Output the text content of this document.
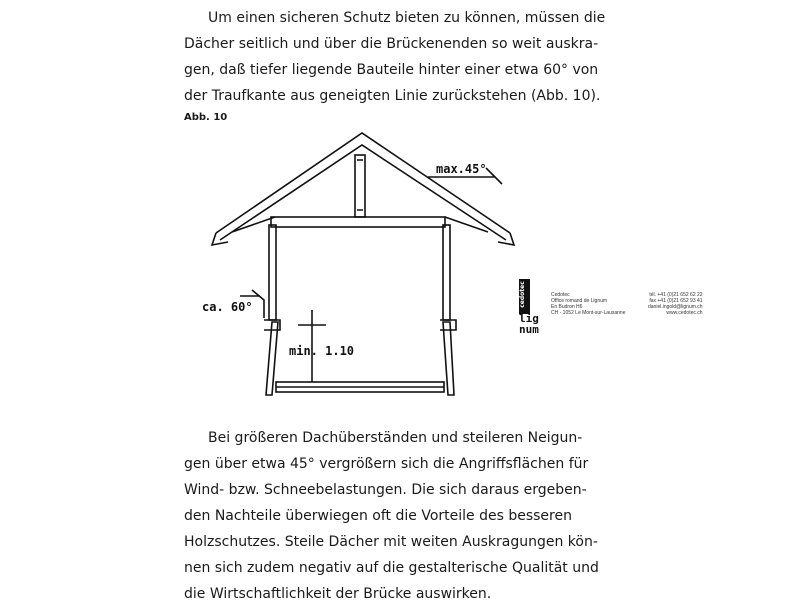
Um einen sicheren Schutz bieten zu können, müssen die
Dächer seitlich und über die Brückenenden so weit auskra-
gen, daß tiefer liegende Bauteile hinter einer etwa 60° von
der Traufkante aus geneigten Linie zurückstehen (Abb. 10).
Abb. 10
max.45°
ca. 60°
min. 1.10
cedotec
lig
num
Cedotec
Office romand de Lignum
En Budron H6
CH - 1052 Le Mont-sur-Lausanne
tél. +41 (0)21 652 62 22
fax +41 (0)21 652 93 41
daniel.ingold@lignum.ch
www.cedotec.ch
Bei größeren Dachüberständen und steileren Neigun-
gen über etwa 45° vergrößern sich die Angriffsflächen für
Wind- bzw. Schneebelastungen. Die sich daraus ergeben-
den Nachteile überwiegen oft die Vorteile des besseren
Holzschutzes. Steile Dächer mit weiten Auskragungen kön-
nen sich zudem negativ auf die gestalterische Qualität und
die Wirtschaftlichkeit der Brücke auswirken.
